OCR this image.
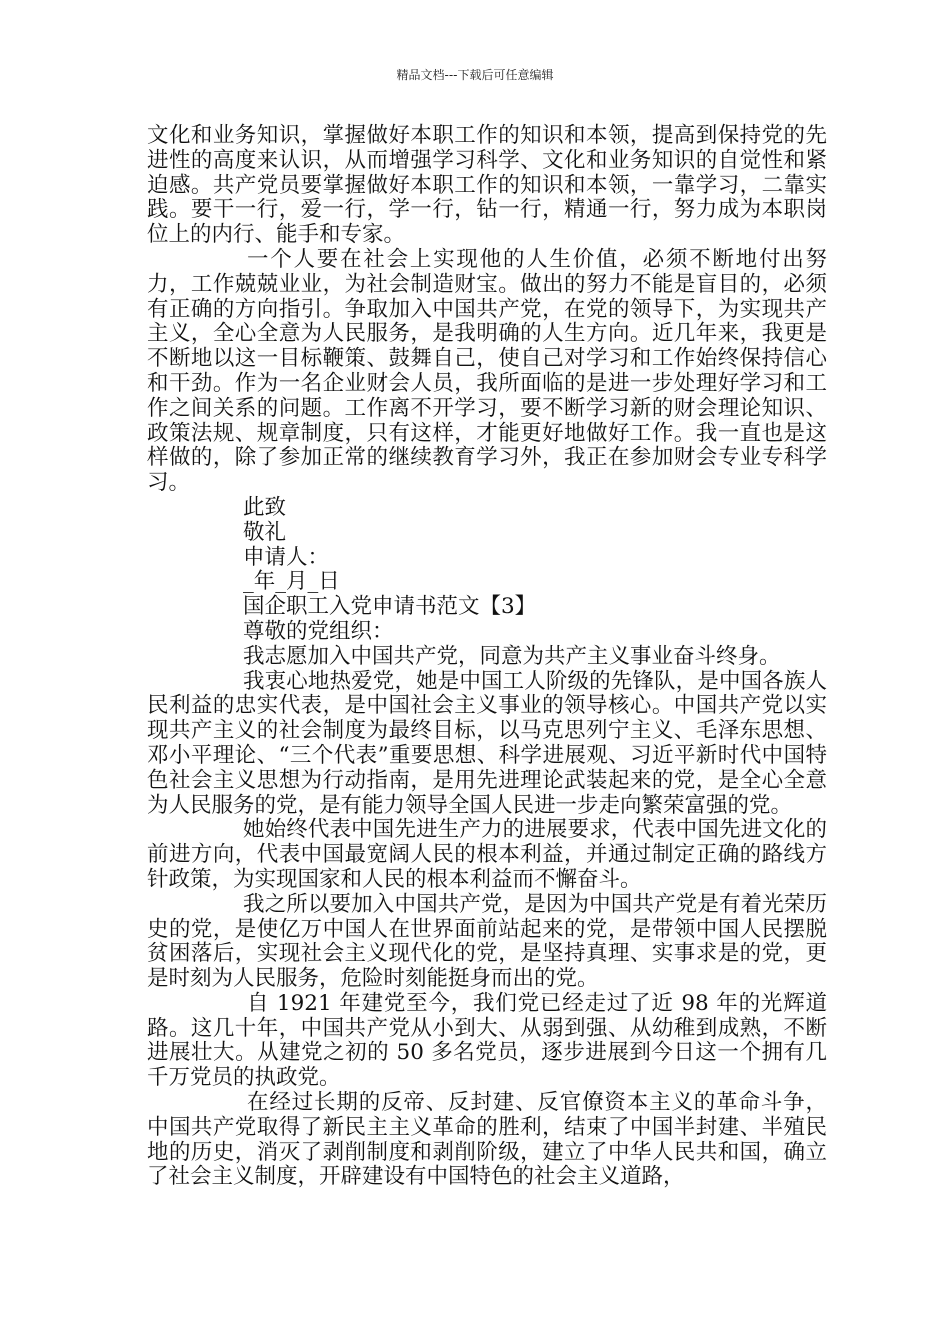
精品文档---下载后可任意编辑

文化和业务知识，掌握做好本职工作的知识和本领，提高到保持党的先进性的高度来认识，从而增强学习科学、文化和业务知识的自觉性和紧迫感。共产党员要掌握做好本职工作的知识和本领，一靠学习，二靠实践。要干一行，爱一行，学一行，钻一行，精通一行，努力成为本职岗位上的内行、能手和专家。

一个人要在社会上实现他的人生价值，必须不断地付出努力，工作兢兢业业，为社会制造财宝。做出的努力不能是盲目的，必须有正确的方向指引。争取加入中国共产党，在党的领导下，为实现共产主义，全心全意为人民服务，是我明确的人生方向。近几年来，我更是不断地以这一目标鞭策、鼓舞自己，使自己对学习和工作始终保持信心和干劲。作为一名企业财会人员，我所面临的是进一步处理好学习和工作之间关系的问题。工作离不开学习，要不断学习新的财会理论知识、政策法规、规章制度，只有这样，才能更好地做好工作。我一直也是这样做的，除了参加正常的继续教育学习外，我正在参加财会专业专科学习。

此致

敬礼

申请人：

_年_月_日

国企职工入党申请书范文【3】

尊敬的党组织：

我志愿加入中国共产党，同意为共产主义事业奋斗终身。

我衷心地热爱党，她是中国工人阶级的先锋队，是中国各族人民利益的忠实代表，是中国社会主义事业的领导核心。中国共产党以实现共产主义的社会制度为最终目标，以马克思列宁主义、毛泽东思想、邓小平理论、“三个代表”重要思想、科学进展观、习近平新时代中国特色社会主义思想为行动指南，是用先进理论武装起来的党，是全心全意为人民服务的党，是有能力领导全国人民进一步走向繁荣富强的党。

她始终代表中国先进生产力的进展要求，代表中国先进文化的前进方向，代表中国最宽阔人民的根本利益，并通过制定正确的路线方针政策，为实现国家和人民的根本利益而不懈奋斗。

我之所以要加入中国共产党，是因为中国共产党是有着光荣历史的党，是使亿万中国人在世界面前站起来的党，是带领中国人民摆脱贫困落后，实现社会主义现代化的党，是坚持真理、实事求是的党，更是时刻为人民服务，危险时刻能挺身而出的党。

自 1921 年建党至今，我们党已经走过了近 98 年的光辉道路。这几十年，中国共产党从小到大、从弱到强、从幼稚到成熟，不断进展壮大。从建党之初的 50 多名党员，逐步进展到今日这一个拥有几千万党员的执政党。

在经过长期的反帝、反封建、反官僚资本主义的革命斗争，中国共产党取得了新民主主义革命的胜利，结束了中国半封建、半殖民地的历史，消灭了剥削制度和剥削阶级，建立了中华人民共和国，确立了社会主义制度，开辟建设有中国特色的社会主义道路，
